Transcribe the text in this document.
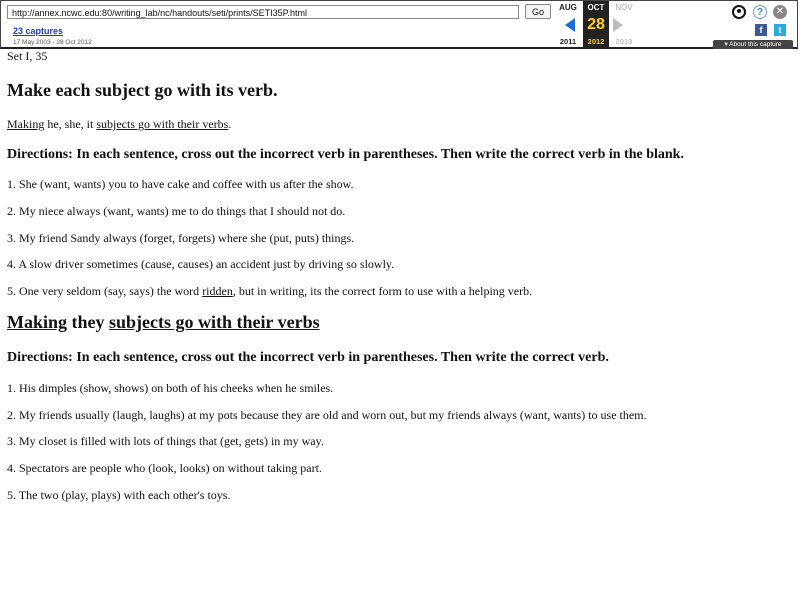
http://annex.ncwc.edu:80/writing_lab/nc/handouts/seti/prints/SETI35P.html	Go
23 captures
17 May 2003 - 28 Oct 2012
AUG	OCT	NOV
28
2011	2012	2013
?	✕
f	t
▾ About this capture
Set I, 35
Make each subject go with its verb.

Making he, she, it subjects go with their verbs.

Directions: In each sentence, cross out the incorrect verb in parentheses. Then write the correct verb in the blank.

1. She (want, wants) you to have cake and coffee with us after the show.

2. My niece always (want, wants) me to do things that I should not do.

3. My friend Sandy always (forget, forgets) where she (put, puts) things.

4. A slow driver sometimes (cause, causes) an accident just by driving so slowly.

5. One very seldom (say, says) the word ridden, but in writing, its the correct form to use with a helping verb.

Making they subjects go with their verbs

Directions: In each sentence, cross out the incorrect verb in parentheses. Then write the correct verb.

1. His dimples (show, shows) on both of his cheeks when he smiles.

2. My friends usually (laugh, laughs) at my pots because they are old and worn out, but my friends always (want, wants) to use them.

3. My closet is filled with lots of things that (get, gets) in my way.

4. Spectators are people who (look, looks) on without taking part.

5. The two (play, plays) with each other's toys.
